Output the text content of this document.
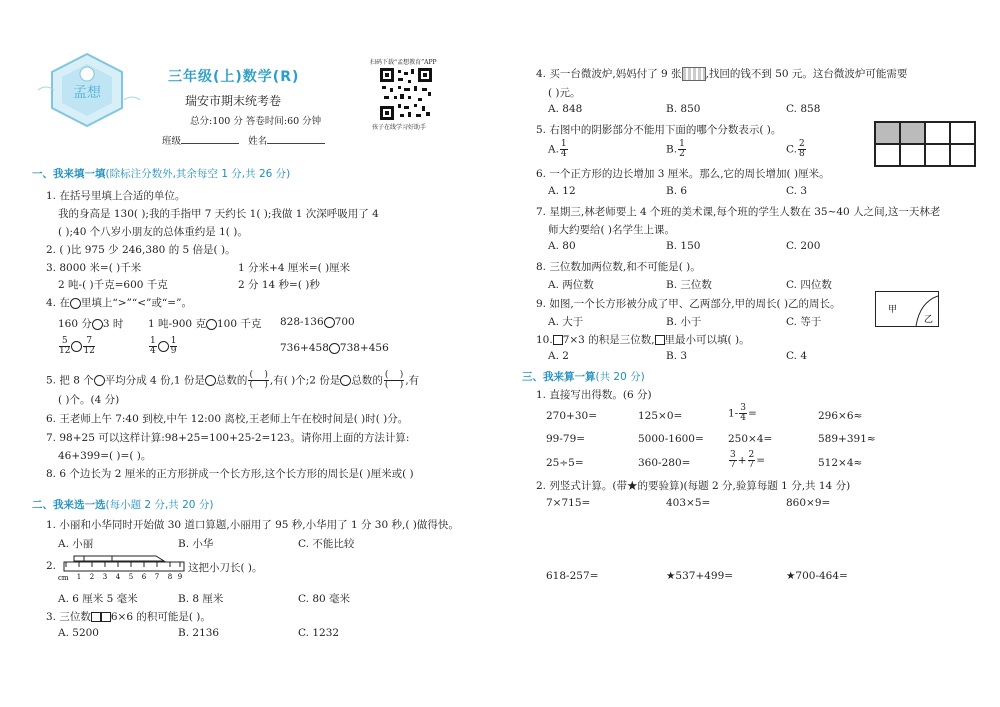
孟想
三年级(上)数学(R)
瑞安市期末统考卷
总分:100 分 答卷时间:60 分钟
班级	姓名
扫码下载“孟想教育”APP
孩子在线学习好助手
一、我来填一填(除标注分数外,其余每空 1 分,共 26 分)
1. 在括号里填上合适的单位。
我的身高是 130( );我的手指甲 7 天约长 1( );我做 1 次深呼吸用了 4
( );40 个八岁小朋友的总体重约是 1( )。
2. ( )比 975 少 246,380 的 5 倍是( )。
3. 8000 米=( )千米	1 分米+4 厘米=( )厘米
2 吨-( )千克=600 千克	2 分 14 秒=( )秒
4. 在 里填上“>”“<”或“=”。
160 分 3 时 1 吨-900 克 100 千克 828-136 700
$\frac{5}{12} \frac{7}{12}$	$\frac{1}{4} \frac{1}{9}$	736+458 738+456
5. 把 8 个 平均分成 4 份,1 份是 总数的 $\frac{( )}{( )}$ ,有( )个;2 份是 总数的 $\frac{( )}{( )}$ ,有
( )个。(4 分)
6. 王老师上午 7:40 到校,中午 12:00 离校,王老师上午在校时间是( )时( )分。
7. 98+25 可以这样计算:98+25=100+25-2=123。请你用上面的方法计算:
46+399=( )=( )。
8. 6 个边长为 2 厘米的正方形拼成一个长方形,这个长方形的周长是( )厘米或( )
二、我来选一选(每小题 2 分,共 20 分)
1. 小丽和小华同时开始做 30 道口算题,小丽用了 95 秒,小华用了 1 分 30 秒,( )做得快。
A. 小丽	B. 小华	C. 不能比较
2.
cm 1 2 3 4 5 6 7 8 9
这把小刀长( )。
A. 6 厘米 5 毫米	B. 8 厘米	C. 80 毫米
3. 三位数 6×6 的积可能是( )。
A. 5200	B. 2136	C. 1232
4. 买一台微波炉,妈妈付了 9 张 ,找回的钱不到 50 元。这台微波炉可能需要
( )元。
A. 848	B. 850	C. 858
5. 右图中的阴影部分不能用下面的哪个分数表示( )。
A. $\frac{1}{4}$	B. $\frac{1}{2}$	C. $\frac{2}{8}$
6. 一个正方形的边长增加 3 厘米。那么,它的周长增加( )厘米。
A. 12	B. 6	C. 3
7. 星期三,林老师要上 4 个班的美术课,每个班的学生人数在 35~40 人之间,这一天林老
师大约要给( )名学生上课。
A. 80	B. 150	C. 200
8. 三位数加两位数,和不可能是( )。
A. 两位数	B. 三位数	C. 四位数
9. 如图,一个长方形被分成了甲、乙两部分,甲的周长( )乙的周长。	甲
乙
A. 大于	B. 小于	C. 等于
10. 7×3 的积是三位数, 里最小可以填( )。
A. 2	B. 3	C. 4
三、我来算一算(共 20 分)
1. 直接写出得数。(6 分)
270+30=	125×0=	$1- \frac{3}{4}$ =	296×6≈
99-79=	5000-1600= 250×4=	589+391≈
25÷5=	360-280=	$\frac{3}{7} + \frac{2}{7}$ =	512×4≈
2. 列竖式计算。(带★的要验算)(每题 2 分,验算每题 1 分,共 14 分)
7×715=	403×5=	860×9=
618-257=	★537+499=	★700-464=
